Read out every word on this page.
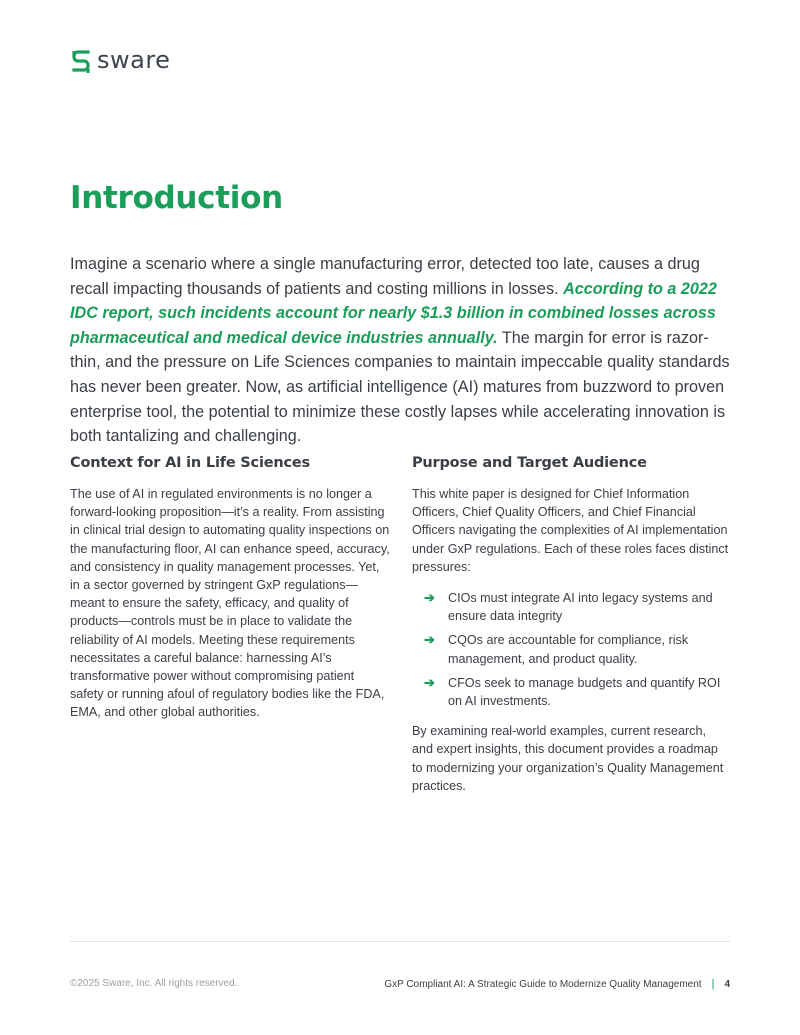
sware
Introduction

Imagine a scenario where a single manufacturing error, detected too late, causes a drug recall impacting thousands of patients and costing millions in losses. According to a 2022 IDC report, such incidents account for nearly $1.3 billion in combined losses across pharmaceutical and medical device industries annually. The margin for error is razor-thin, and the pressure on Life Sciences companies to maintain impeccable quality standards has never been greater. Now, as artificial intelligence (AI) matures from buzzword to proven enterprise tool, the potential to minimize these costly lapses while accelerating innovation is both tantalizing and challenging.

Context for AI in Life Sciences

The use of AI in regulated environments is no longer a forward-looking proposition—it’s a reality. From assisting in clinical trial design to automating quality inspections on the manufacturing floor, AI can enhance speed, accuracy, and consistency in quality management processes. Yet, in a sector governed by stringent GxP regulations—meant to ensure the safety, efficacy, and quality of products—controls must be in place to validate the reliability of AI models. Meeting these requirements necessitates a careful balance: harnessing AI’s transformative power without compromising patient safety or running afoul of regulatory bodies like the FDA, EMA, and other global authorities.

Purpose and Target Audience

This white paper is designed for Chief Information Officers, Chief Quality Officers, and Chief Financial Officers navigating the complexities of AI implementation under GxP regulations. Each of these roles faces distinct pressures:

➔	CIOs must integrate AI into legacy systems and ensure data integrity
➔	CQOs are accountable for compliance, risk management, and product quality.
➔	CFOs seek to manage budgets and quantify ROI on AI investments.

By examining real-world examples, current research, and expert insights, this document provides a roadmap to modernizing your organization’s Quality Management practices.

©2025 Sware, Inc. All rights reserved.	GxP Compliant AI: A Strategic Guide to Modernize Quality Management | 4
